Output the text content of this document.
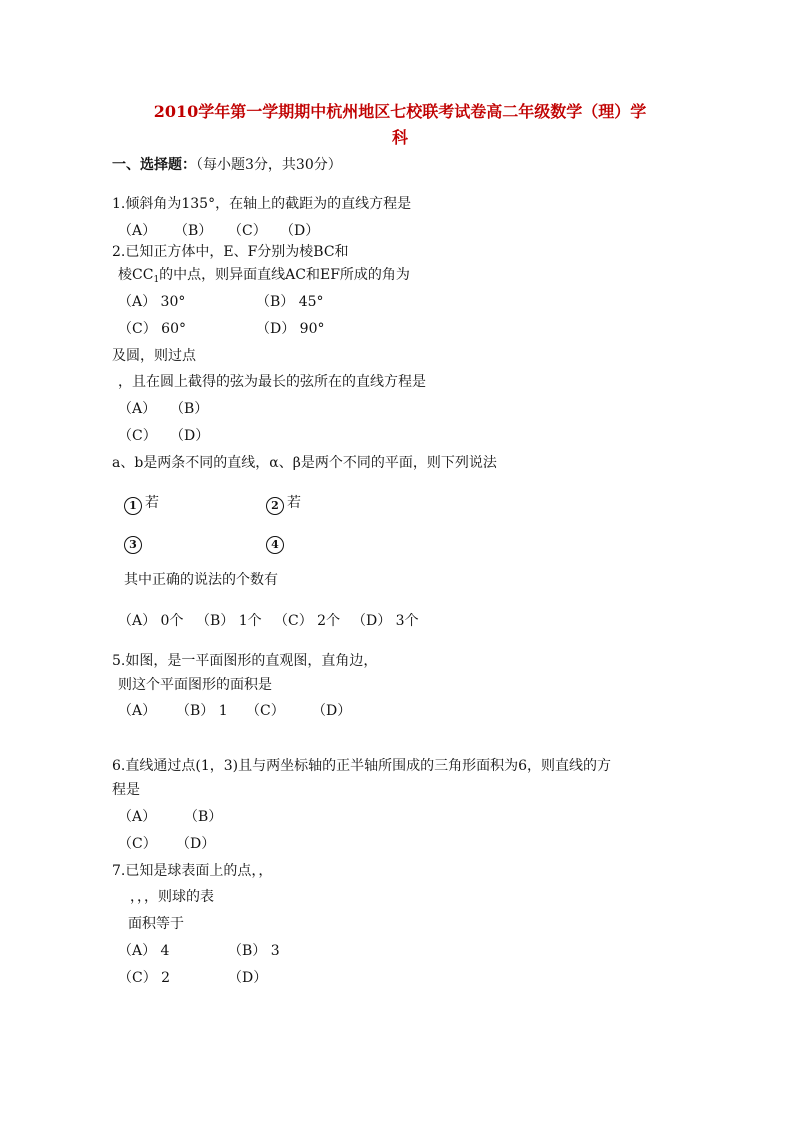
2010学年第一学期期中杭州地区七校联考试卷高二年级数学（理）学
科
一、选择题：（每小题3分，共30分）
1.倾斜角为135°，在轴上的截距为的直线方程是
（A） （B） （C） （D）
2.已知正方体中，E、F分别为棱BC和
棱$CC_1$的中点，则异面直线AC和EF所成的角为
（A） 30°	（B） 45°
（C） 60°	（D） 90°
及圆，则过点
，且在圆上截得的弦为最长的弦所在的直线方程是
（A） （B）
（C） （D）
a、b是两条不同的直线，α、β是两个不同的平面，则下列说法
1 若	2 若
3	4
其中正确的说法的个数有
（A） 0个 （B） 1个 （C） 2个 （D） 3个
5.如图，是一平面图形的直观图，直角边，
则这个平面图形的面积是
（A） （B） 1 （C） （D）
6.直线通过点(1，3)且与两坐标轴的正半轴所围成的三角形面积为6，则直线的方
程是
（A） （B）
（C） （D）
7.已知是球表面上的点，，
，，，则球的表
面积等于
（A） 4	（B） 3
（C） 2	（D）
